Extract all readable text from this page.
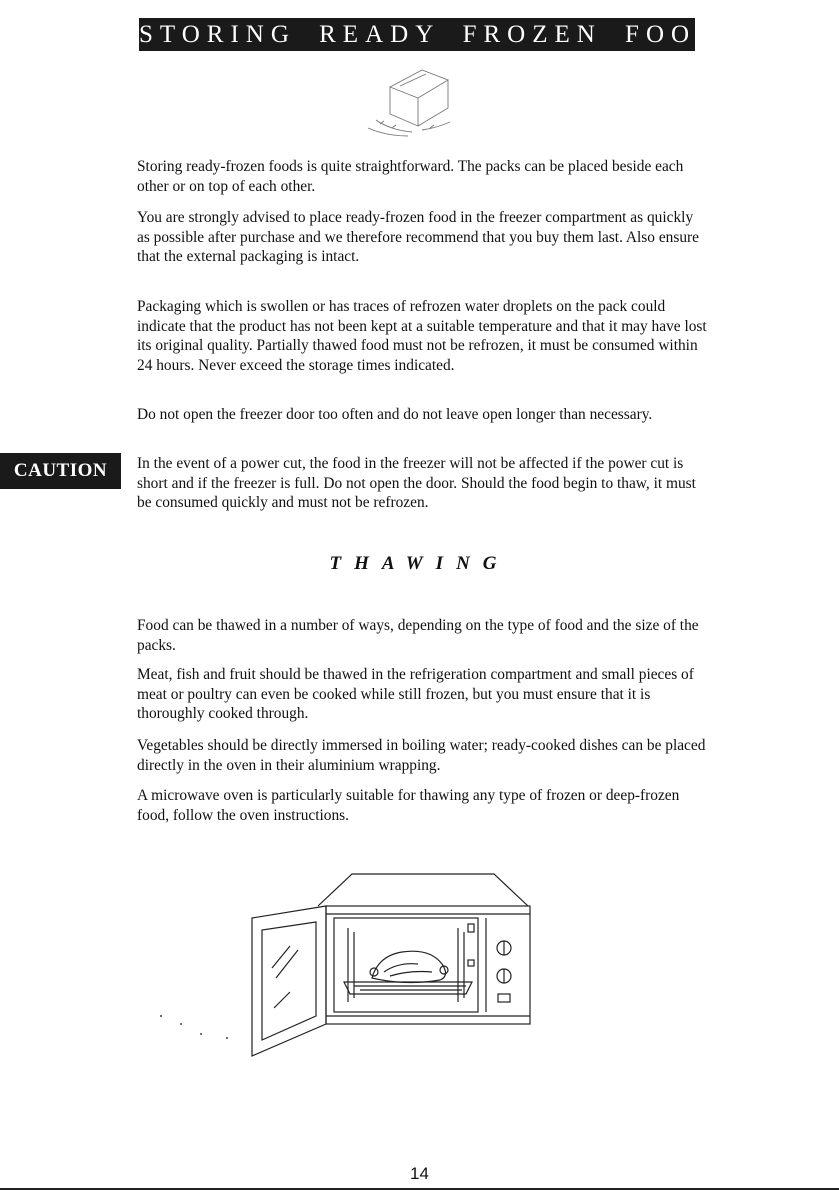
STORING READY FROZEN FOOD

Storing ready-frozen foods is quite straightforward. The packs can be placed beside each other or on top of each other.

You are strongly advised to place ready-frozen food in the freezer compartment as quickly as possible after purchase and we therefore recommend that you buy them last. Also ensure that the external packaging is intact.

Packaging which is swollen or has traces of refrozen water droplets on the pack could indicate that the product has not been kept at a suitable temperature and that it may have lost its original quality. Partially thawed food must not be refrozen, it must be consumed within 24 hours. Never exceed the storage times indicated.

Do not open the freezer door too often and do not leave open longer than necessary.

CAUTION	In the event of a power cut, the food in the freezer will not be affected if the power cut is short and if the freezer is full. Do not open the door. Should the food begin to thaw, it must be consumed quickly and must not be refrozen.

THAWING

Food can be thawed in a number of ways, depending on the type of food and the size of the packs.

Meat, fish and fruit should be thawed in the refrigeration compartment and small pieces of meat or poultry can even be cooked while still frozen, but you must ensure that it is thoroughly cooked through.

Vegetables should be directly immersed in boiling water; ready-cooked dishes can be placed directly in the oven in their aluminium wrapping.

A microwave oven is particularly suitable for thawing any type of frozen or deep-frozen food, follow the oven instructions.

14
